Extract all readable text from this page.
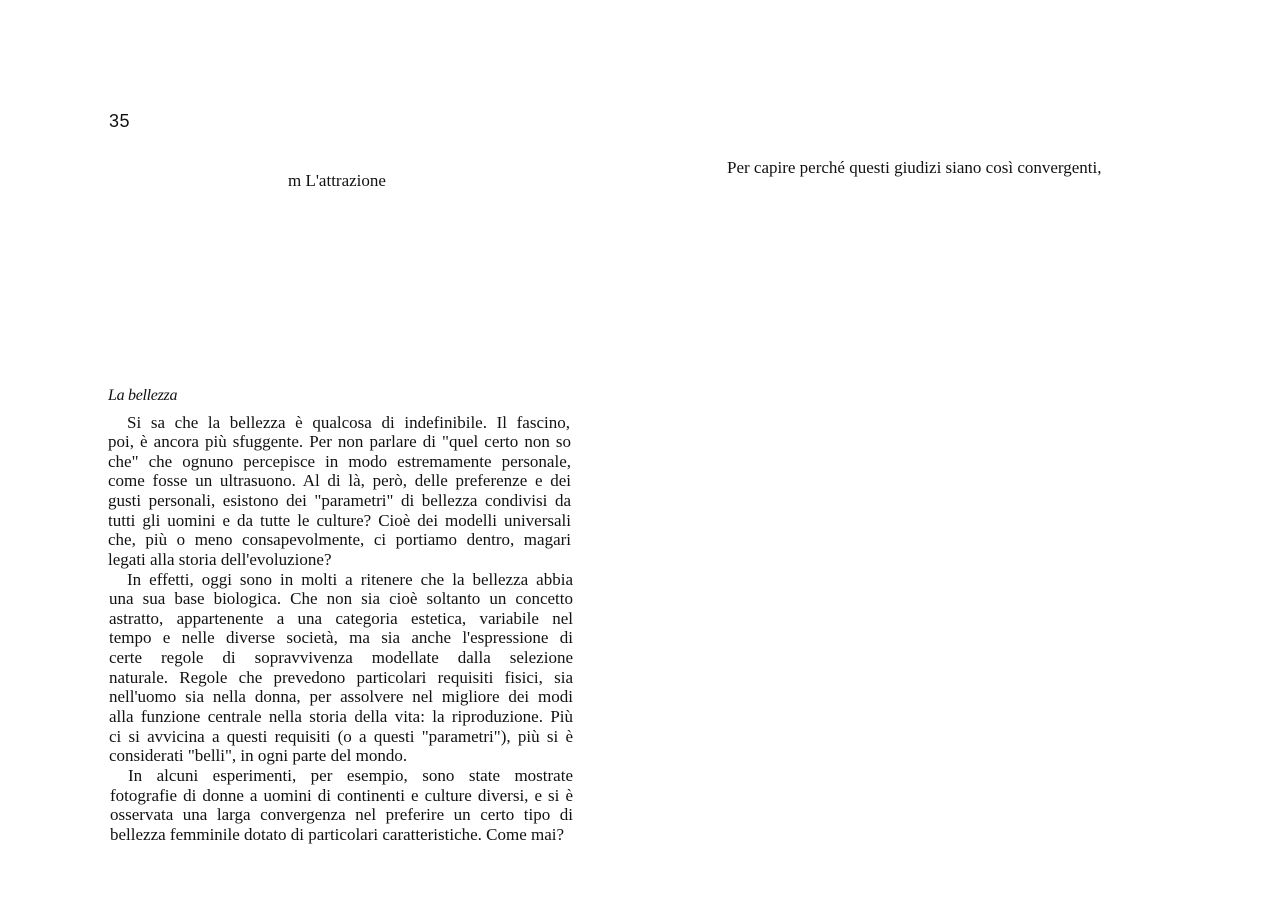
35
m L'attrazione
Per capire perché questi giudizi siano così convergenti,
La bellezza
Si sa che la bellezza è qualcosa di indefinibile. Il fascino,
poi, è ancora più sfuggente. Per non parlare di "quel certo non so
che" che ognuno percepisce in modo estremamente personale,
come fosse un ultrasuono. Al di là, però, delle preferenze e dei
gusti personali, esistono dei "parametri" di bellezza condivisi da
tutti gli uomini e da tutte le culture? Cioè dei modelli universali
che, più o meno consapevolmente, ci portiamo dentro, magari
legati alla storia dell'evoluzione?
In effetti, oggi sono in molti a ritenere che la bellezza abbia
una sua base biologica. Che non sia cioè soltanto un concetto
astratto, appartenente a una categoria estetica, variabile nel
tempo e nelle diverse società, ma sia anche l'espressione di
certe regole di sopravvivenza modellate dalla selezione
naturale. Regole che prevedono particolari requisiti fisici, sia
nell'uomo sia nella donna, per assolvere nel migliore dei modi
alla funzione centrale nella storia della vita: la riproduzione. Più
ci si avvicina a questi requisiti (o a questi "parametri"), più si è
considerati "belli", in ogni parte del mondo.
In alcuni esperimenti, per esempio, sono state mostrate
fotografie di donne a uomini di continenti e culture diversi, e si è
osservata una larga convergenza nel preferire un certo tipo di
bellezza femminile dotato di particolari caratteristiche. Come mai?
